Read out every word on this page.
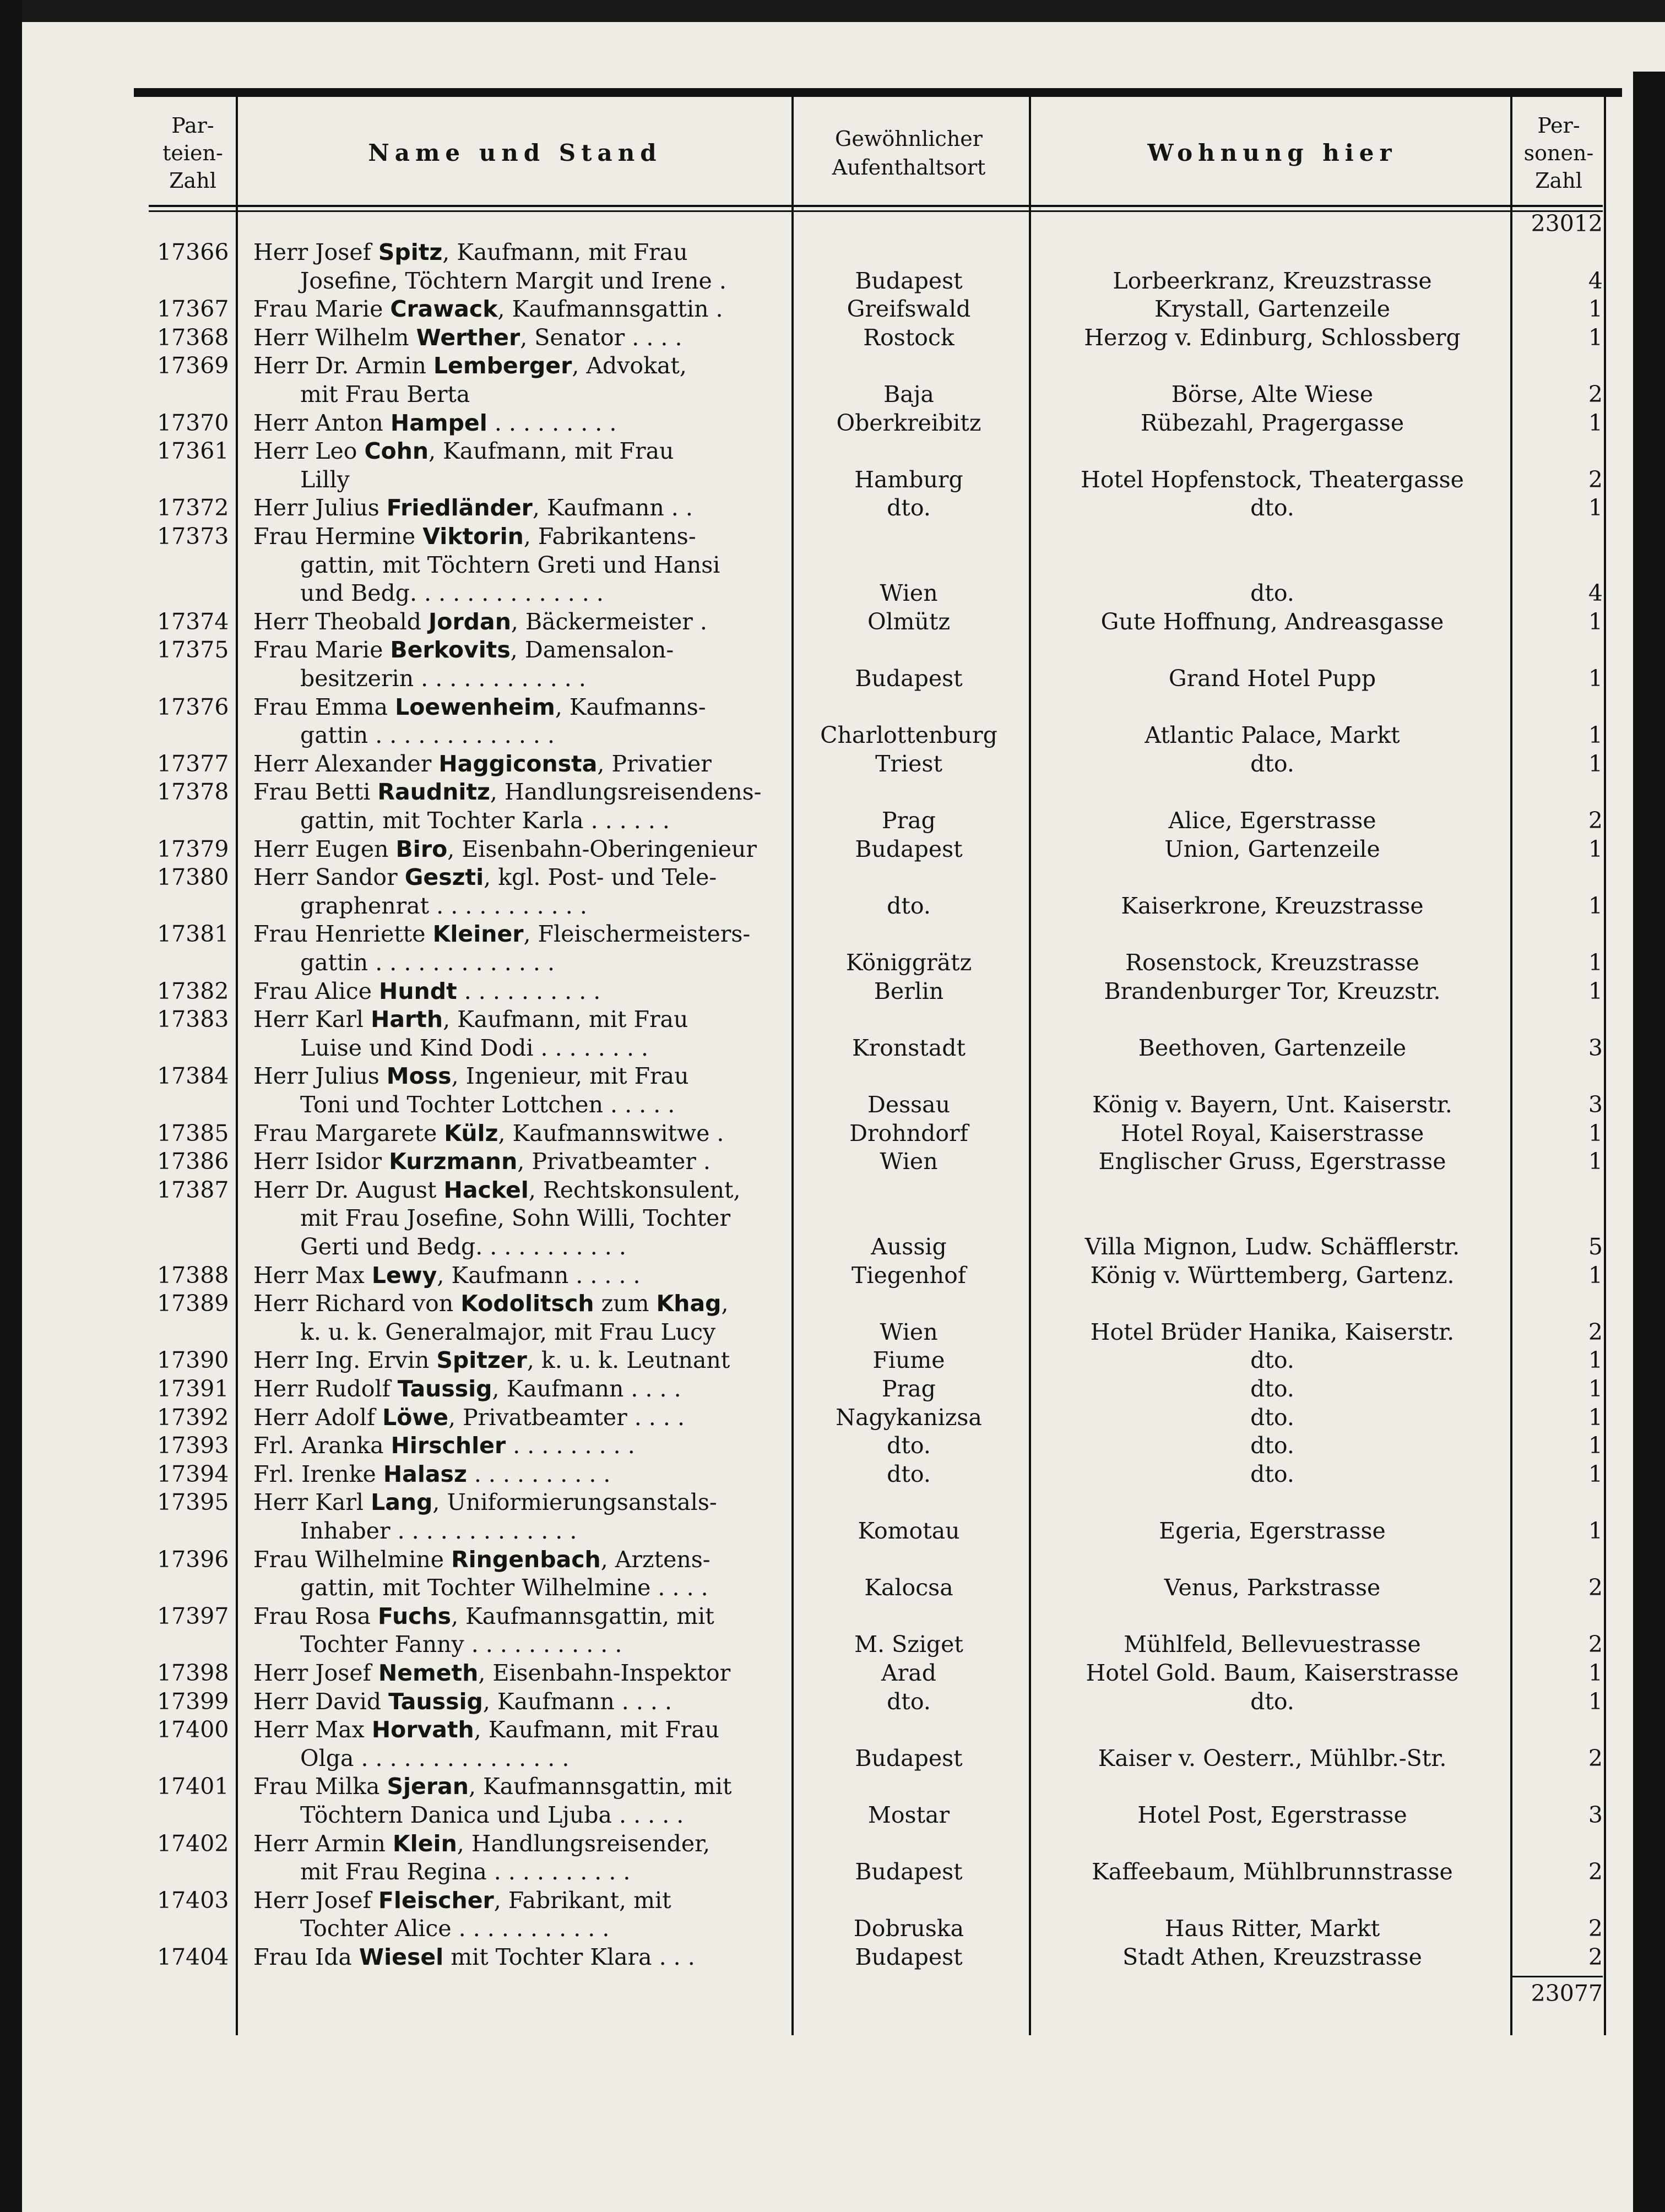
Par-
teien-
Zahl
Name und Stand
Gewöhnlicher
Aufenthaltsort
Wohnung hier
Per-
sonen-
Zahl
23012
17366 Herr Josef Spitz, Kaufmann, mit Frau
Josefine, Töchtern Margit und Irene .	Budapest	Lorbeerkranz, Kreuzstrasse	4
17367 Frau Marie Crawack, Kaufmannsgattin .	Greifswald	Krystall, Gartenzeile	1
17368 Herr Wilhelm Werther, Senator . . . .	Rostock	Herzog v. Edinburg, Schlossberg	1
17369 Herr Dr. Armin Lemberger, Advokat,
mit Frau Berta	Baja	Börse, Alte Wiese	2
17370 Herr Anton Hampel . . . . . . . . .	Oberkreibitz	Rübezahl, Pragergasse	1
17361 Herr Leo Cohn, Kaufmann, mit Frau
Lilly	Hamburg	Hotel Hopfenstock, Theatergasse	2
17372 Herr Julius Friedländer, Kaufmann . .	dto.	dto.	1
17373 Frau Hermine Viktorin, Fabrikantens-
gattin, mit Töchtern Greti und Hansi
und Bedg. . . . . . . . . . . . . .	Wien	dto.	4
17374 Herr Theobald Jordan, Bäckermeister .	Olmütz	Gute Hoffnung, Andreasgasse	1
17375 Frau Marie Berkovits, Damensalon-
besitzerin . . . . . . . . . . . .	Budapest	Grand Hotel Pupp	1
17376 Frau Emma Loewenheim, Kaufmanns-
gattin . . . . . . . . . . . . .	Charlottenburg	Atlantic Palace, Markt	1
17377 Herr Alexander Haggiconsta, Privatier	Triest	dto.	1
17378 Frau Betti Raudnitz, Handlungsreisendens-
gattin, mit Tochter Karla . . . . . .	Prag	Alice, Egerstrasse	2
17379 Herr Eugen Biro, Eisenbahn-Oberingenieur	Budapest	Union, Gartenzeile	1
17380 Herr Sandor Geszti, kgl. Post- und Tele-
graphenrat . . . . . . . . . . .	dto.	Kaiserkrone, Kreuzstrasse	1
17381 Frau Henriette Kleiner, Fleischermeisters-
gattin . . . . . . . . . . . . .	Königgrätz	Rosenstock, Kreuzstrasse	1
17382 Frau Alice Hundt . . . . . . . . . .	Berlin	Brandenburger Tor, Kreuzstr.	1
17383 Herr Karl Harth, Kaufmann, mit Frau
Luise und Kind Dodi . . . . . . . .	Kronstadt	Beethoven, Gartenzeile	3
17384 Herr Julius Moss, Ingenieur, mit Frau
Toni und Tochter Lottchen . . . . .	Dessau	König v. Bayern, Unt. Kaiserstr.	3
17385 Frau Margarete Külz, Kaufmannswitwe .	Drohndorf	Hotel Royal, Kaiserstrasse	1
17386 Herr Isidor Kurzmann, Privatbeamter .	Wien	Englischer Gruss, Egerstrasse	1
17387 Herr Dr. August Hackel, Rechtskonsulent,
mit Frau Josefine, Sohn Willi, Tochter
Gerti und Bedg. . . . . . . . . . .	Aussig	Villa Mignon, Ludw. Schäfflerstr.	5
17388 Herr Max Lewy, Kaufmann . . . . .	Tiegenhof	König v. Württemberg, Gartenz.	1
17389 Herr Richard von Kodolitsch zum Khag,
k. u. k. Generalmajor, mit Frau Lucy	Wien	Hotel Brüder Hanika, Kaiserstr.	2
17390 Herr Ing. Ervin Spitzer, k. u. k. Leutnant	Fiume	dto.	1
17391 Herr Rudolf Taussig, Kaufmann . . . .	Prag	dto.	1
17392 Herr Adolf Löwe, Privatbeamter . . . .	Nagykanizsa	dto.	1
17393 Frl. Aranka Hirschler . . . . . . . . .	dto.	dto.	1
17394 Frl. Irenke Halasz . . . . . . . . . .	dto.	dto.	1
17395 Herr Karl Lang, Uniformierungsanstals-
Inhaber . . . . . . . . . . . . .	Komotau	Egeria, Egerstrasse	1
17396 Frau Wilhelmine Ringenbach, Arztens-
gattin, mit Tochter Wilhelmine . . . .	Kalocsa	Venus, Parkstrasse	2
17397 Frau Rosa Fuchs, Kaufmannsgattin, mit
Tochter Fanny . . . . . . . . . . .	M. Sziget	Mühlfeld, Bellevuestrasse	2
17398 Herr Josef Nemeth, Eisenbahn-Inspektor	Arad	Hotel Gold. Baum, Kaiserstrasse	1
17399 Herr David Taussig, Kaufmann . . . .	dto.	dto.	1
17400 Herr Max Horvath, Kaufmann, mit Frau
Olga . . . . . . . . . . . . . . .	Budapest	Kaiser v. Oesterr., Mühlbr.-Str.	2
17401 Frau Milka Sjeran, Kaufmannsgattin, mit
Töchtern Danica und Ljuba . . . . .	Mostar	Hotel Post, Egerstrasse	3
17402 Herr Armin Klein, Handlungsreisender,
mit Frau Regina . . . . . . . . . .	Budapest	Kaffeebaum, Mühlbrunnstrasse	2
17403 Herr Josef Fleischer, Fabrikant, mit
Tochter Alice . . . . . . . . . . .	Dobruska	Haus Ritter, Markt	2
17404 Frau Ida Wiesel mit Tochter Klara . . .	Budapest	Stadt Athen, Kreuzstrasse	2
23077
